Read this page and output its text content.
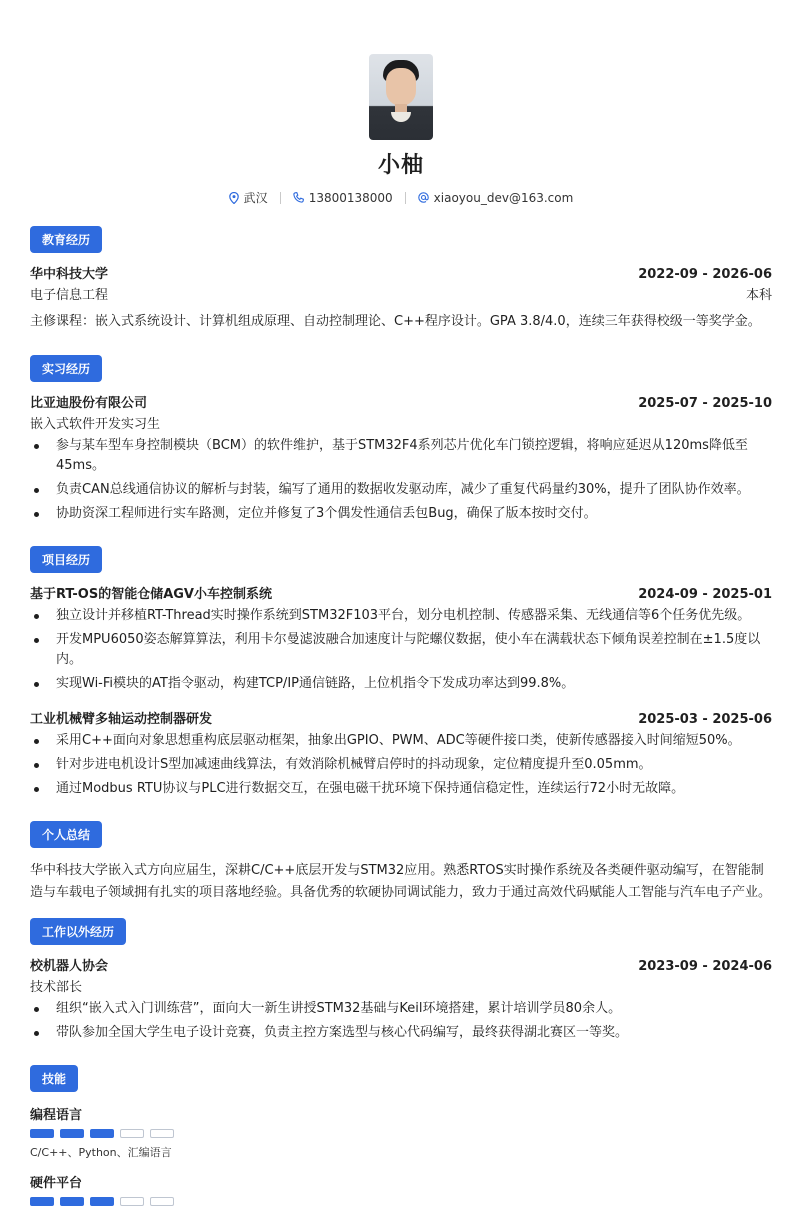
小柚
武汉	13800138000	xiaoyou_dev@163.com
教育经历
华中科技大学	2022-09 - 2026-06
电子信息工程	本科
主修课程：嵌入式系统设计、计算机组成原理、自动控制理论、C++程序设计。GPA 3.8/4.0，连续三年获得校级一等奖学金。
实习经历
比亚迪股份有限公司	2025-07 - 2025-10
嵌入式软件开发实习生
参与某车型车身控制模块（BCM）的软件维护，基于STM32F4系列芯片优化车门锁控逻辑，将响应延迟从120ms降低至45ms。
负责CAN总线通信协议的解析与封装，编写了通用的数据收发驱动库，减少了重复代码量约30%，提升了团队协作效率。
协助资深工程师进行实车路测，定位并修复了3个偶发性通信丢包Bug，确保了版本按时交付。
项目经历
基于RT-OS的智能仓储AGV小车控制系统	2024-09 - 2025-01
独立设计并移植RT-Thread实时操作系统到STM32F103平台，划分电机控制、传感器采集、无线通信等6个任务优先级。
开发MPU6050姿态解算算法，利用卡尔曼滤波融合加速度计与陀螺仪数据，使小车在满载状态下倾角误差控制在±1.5度以内。
实现Wi-Fi模块的AT指令驱动，构建TCP/IP通信链路，上位机指令下发成功率达到99.8%。
工业机械臂多轴运动控制器研发	2025-03 - 2025-06
采用C++面向对象思想重构底层驱动框架，抽象出GPIO、PWM、ADC等硬件接口类，使新传感器接入时间缩短50%。
针对步进电机设计S型加减速曲线算法，有效消除机械臂启停时的抖动现象，定位精度提升至0.05mm。
通过Modbus RTU协议与PLC进行数据交互，在强电磁干扰环境下保持通信稳定性，连续运行72小时无故障。
个人总结
华中科技大学嵌入式方向应届生，深耕C/C++底层开发与STM32应用。熟悉RTOS实时操作系统及各类硬件驱动编写，在智能制造与车载电子领域拥有扎实的项目落地经验。具备优秀的软硬协同调试能力，致力于通过高效代码赋能人工智能与汽车电子产业。
工作以外经历
校机器人协会	2023-09 - 2024-06
技术部长
组织“嵌入式入门训练营”，面向大一新生讲授STM32基础与Keil环境搭建，累计培训学员80余人。
带队参加全国大学生电子设计竞赛，负责主控方案选型与核心代码编写，最终获得湖北赛区一等奖。
技能
编程语言
C/C++、Python、汇编语言
硬件平台
